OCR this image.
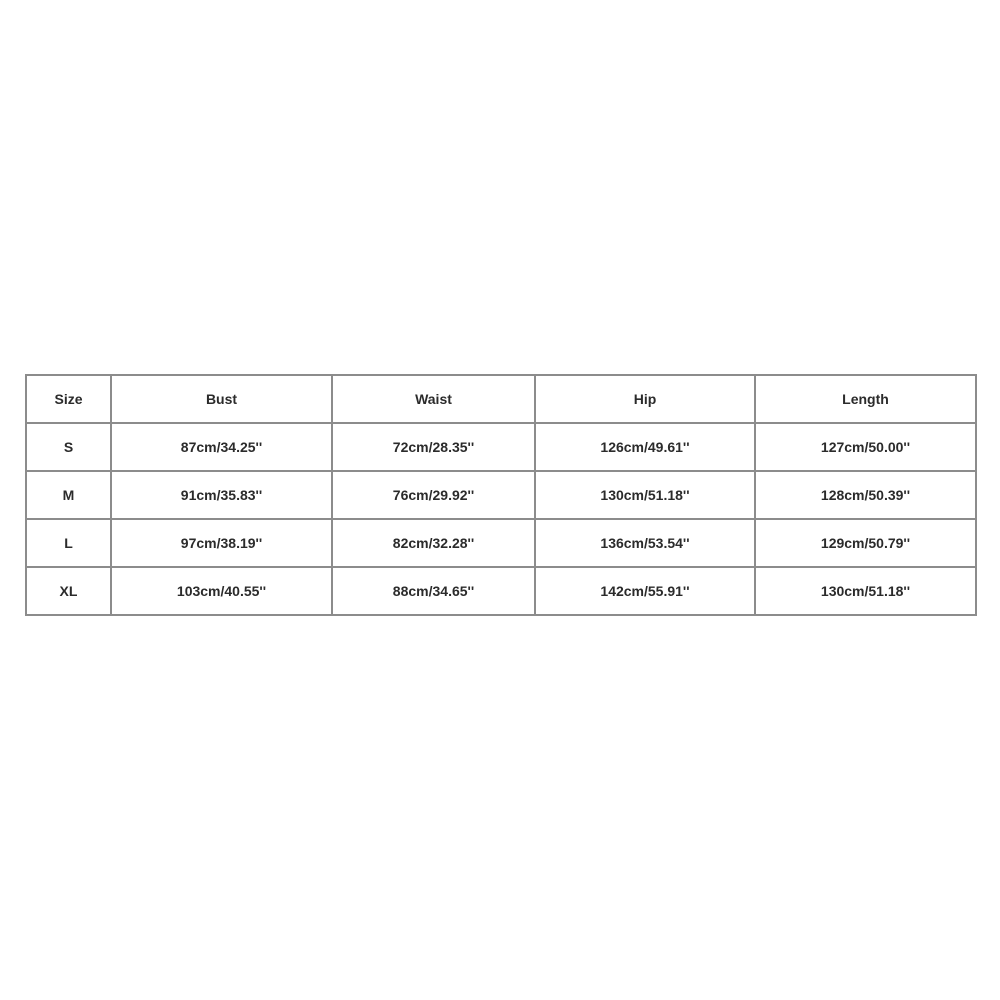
Size	Bust	Waist	Hip	Length
S	87cm/34.25''	72cm/28.35''	126cm/49.61''	127cm/50.00''
M	91cm/35.83''	76cm/29.92''	130cm/51.18''	128cm/50.39''
L	97cm/38.19''	82cm/32.28''	136cm/53.54''	129cm/50.79''
XL	103cm/40.55''	88cm/34.65''	142cm/55.91''	130cm/51.18''
